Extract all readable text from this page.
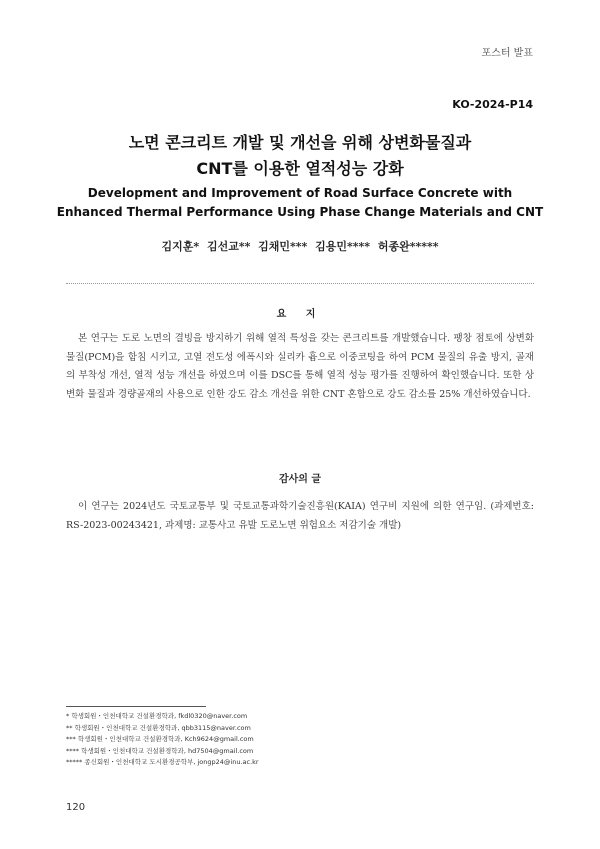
포스터 발표
KO-2024-P14
노면 콘크리트 개발 및 개선을 위해 상변화물질과
CNT를 이용한 열적성능 강화
Development and Improvement of Road Surface Concrete with
Enhanced Thermal Performance Using Phase Change Materials and CNT
김지훈* 김선교** 김채민*** 김용민**** 허종완*****
요 지

본 연구는 도로 노면의 결빙을 방지하기 위해 열적 특성을 갖는 콘크리트를 개발했습니다. 팽창 점토에 상변화 물질(PCM)을 함침 시키고, 고열 전도성 에폭시와 실리카 흄으로 이중코팅을 하여 PCM 물질의 유출 방지, 골재의 부착성 개선, 열적 성능 개선을 하였으며 이를 DSC를 통해 열적 성능 평가를 진행하여 확인했습니다. 또한 상변화 물질과 경량골재의 사용으로 인한 강도 감소 개선을 위한 CNT 혼합으로 강도 감소를 25% 개선하였습니다.

감사의 글

이 연구는 2024년도 국토교통부 및 국토교통과학기술진흥원(KAIA) 연구비 지원에 의한 연구임. (과제번호: RS-2023-00243421, 과제명: 교통사고 유발 도로노면 위험요소 저감기술 개발)

* 학생회원・인천대학교 건설환경학과, fkdl0320@naver.com
** 학생회원・인천대학교 건설환경학과, qbb3115@naver.com
*** 학생회원・인천대학교 건설환경학과, Kch9624@gmail.com
**** 학생회원・인천대학교 건설환경학과, hd7504@gmail.com
***** 종신회원・인천대학교 도시환경공학부, jongp24@inu.ac.kr
120
